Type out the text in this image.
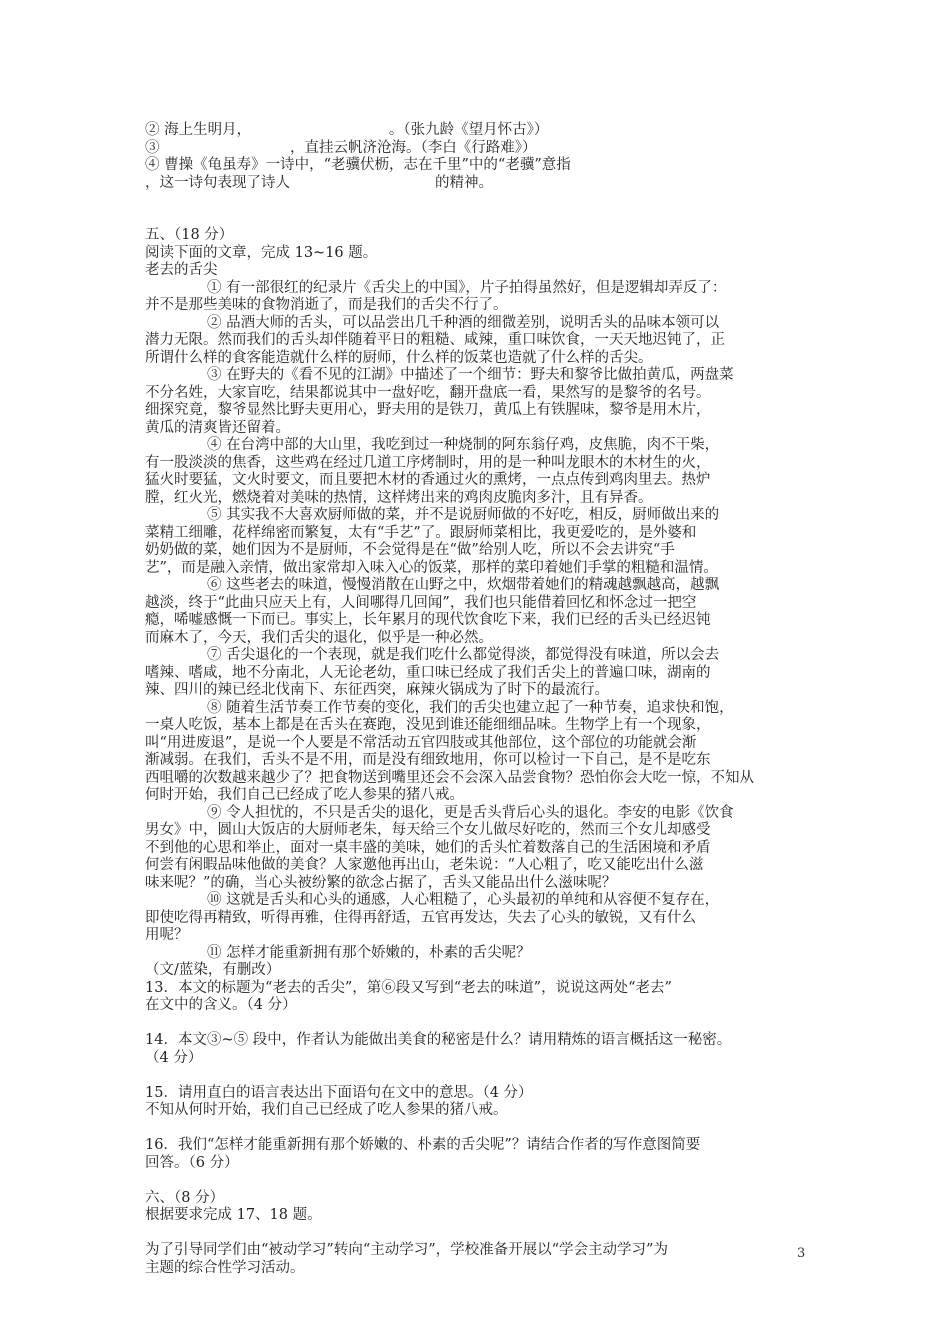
② 海上生明月，　　　　　　　　　　。（张九龄《望月怀古》）
③　　　　　　　　　，直挂云帆济沧海。（李白《行路难》）
④ 曹操《龟虽寿》一诗中，“老骥伏枥，志在千里”中的“老骥”意指
，这一诗句表现了诗人　　　　　　　　　　的精神。
五、（18 分）
阅读下面的文章，完成 13~16 题。
老去的舌尖
① 有一部很红的纪录片《舌尖上的中国》，片子拍得虽然好，但是逻辑却弄反了：
并不是那些美味的食物消逝了，而是我们的舌尖不行了。
② 品酒大师的舌头，可以品尝出几千种酒的细微差别，说明舌头的品味本领可以
潜力无限。然而我们的舌头却伴随着平日的粗糙、咸辣，重口味饮食，一天天地迟钝了，正
所谓什么样的食客能造就什么样的厨师，什么样的饭菜也造就了什么样的舌尖。
③ 在野夫的《看不见的江湖》中描述了一个细节：野夫和黎爷比做拍黄瓜，两盘菜
不分名姓，大家盲吃，结果都说其中一盘好吃，翻开盘底一看，果然写的是黎爷的名号。
细探究竟，黎爷显然比野夫更用心，野夫用的是铁刀，黄瓜上有铁腥味，黎爷是用木片，
黄瓜的清爽皆还留着。
④ 在台湾中部的大山里，我吃到过一种烧制的阿东翁仔鸡，皮焦脆，肉不干柴，
有一股淡淡的焦香，这些鸡在经过几道工序烤制时，用的是一种叫龙眼木的木材生的火，
猛火时要猛，文火时要文，而且要把木材的香通过火的熏烤，一点点传到鸡肉里去。热炉
膛，红火光，燃烧着对美味的热情，这样烤出来的鸡肉皮脆肉多汁，且有异香。
⑤ 其实我不大喜欢厨师做的菜，并不是说厨师做的不好吃，相反，厨师做出来的
菜精工细雕，花样绵密而繁复，太有“手艺”了。跟厨师菜相比，我更爱吃的，是外婆和
奶奶做的菜，她们因为不是厨师，不会觉得是在“做”给别人吃，所以不会去讲究“手
艺”，而是融入亲情，做出家常却入味入心的饭菜，那样的菜印着她们手掌的粗糙和温情。
⑥ 这些老去的味道，慢慢消散在山野之中，炊烟带着她们的精魂越飘越高，越飘
越淡，终于“此曲只应天上有，人间哪得几回闻”，我们也只能借着回忆和怀念过一把空
瘾，唏嘘感慨一下而已。事实上，长年累月的现代饮食吃下来，我们已经的舌头已经迟钝
而麻木了，今天，我们舌尖的退化，似乎是一种必然。
⑦ 舌尖退化的一个表现，就是我们吃什么都觉得淡，都觉得没有味道，所以会去
嗜辣、嗜咸，地不分南北，人无论老幼，重口味已经成了我们舌尖上的普遍口味，湖南的
辣、四川的辣已经北伐南下、东征西突，麻辣火锅成为了时下的最流行。
⑧ 随着生活节奏工作节奏的变化，我们的舌尖也建立起了一种节奏，追求快和饱，
一桌人吃饭，基本上都是在舌头在赛跑，没见到谁还能细细品味。生物学上有一个现象，
叫“用进废退”，是说一个人要是不常活动五官四肢或其他部位，这个部位的功能就会渐
渐减弱。在我们，舌头不是不用，而是没有细致地用，你可以检讨一下自己，是不是吃东
西咀嚼的次数越来越少了？把食物送到嘴里还会不会深入品尝食物？恐怕你会大吃一惊，不知从
何时开始，我们自己已经成了吃人参果的猪八戒。
⑨ 令人担忧的，不只是舌尖的退化，更是舌头背后心头的退化。李安的电影《饮食
男女》中，圆山大饭店的大厨师老朱，每天给三个女儿做尽好吃的，然而三个女儿却感受
不到他的心思和举止，面对一桌丰盛的美味，她们的舌头忙着数落自己的生活困境和矛盾
何尝有闲暇品味他做的美食？人家邀他再出山，老朱说：“人心粗了，吃又能吃出什么滋
味来呢？”的确，当心头被纷繁的欲念占据了，舌头又能品出什么滋味呢？
⑩ 这就是舌头和心头的通感，人心粗糙了，心头最初的单纯和从容便不复存在，
即使吃得再精致，听得再雅，住得再舒适，五官再发达，失去了心头的敏锐，又有什么
用呢？
⑪ 怎样才能重新拥有那个娇嫩的，朴素的舌尖呢？
（文/蓝染，有删改）
13．本文的标题为“老去的舌尖”，第⑥段又写到“老去的味道”，说说这两处“老去”
在文中的含义。（4 分）
14．本文③~⑤ 段中，作者认为能做出美食的秘密是什么？请用精炼的语言概括这一秘密。
（4 分）
15．请用直白的语言表达出下面语句在文中的意思。（4 分）
不知从何时开始，我们自己已经成了吃人参果的猪八戒。
16．我们“怎样才能重新拥有那个娇嫩的、朴素的舌尖呢”？请结合作者的写作意图简要
回答。（6 分）
六、（8 分）
根据要求完成 17、18 题。
为了引导同学们由“被动学习”转向“主动学习”，学校准备开展以“学会主动学习”为
主题的综合性学习活动。
3
